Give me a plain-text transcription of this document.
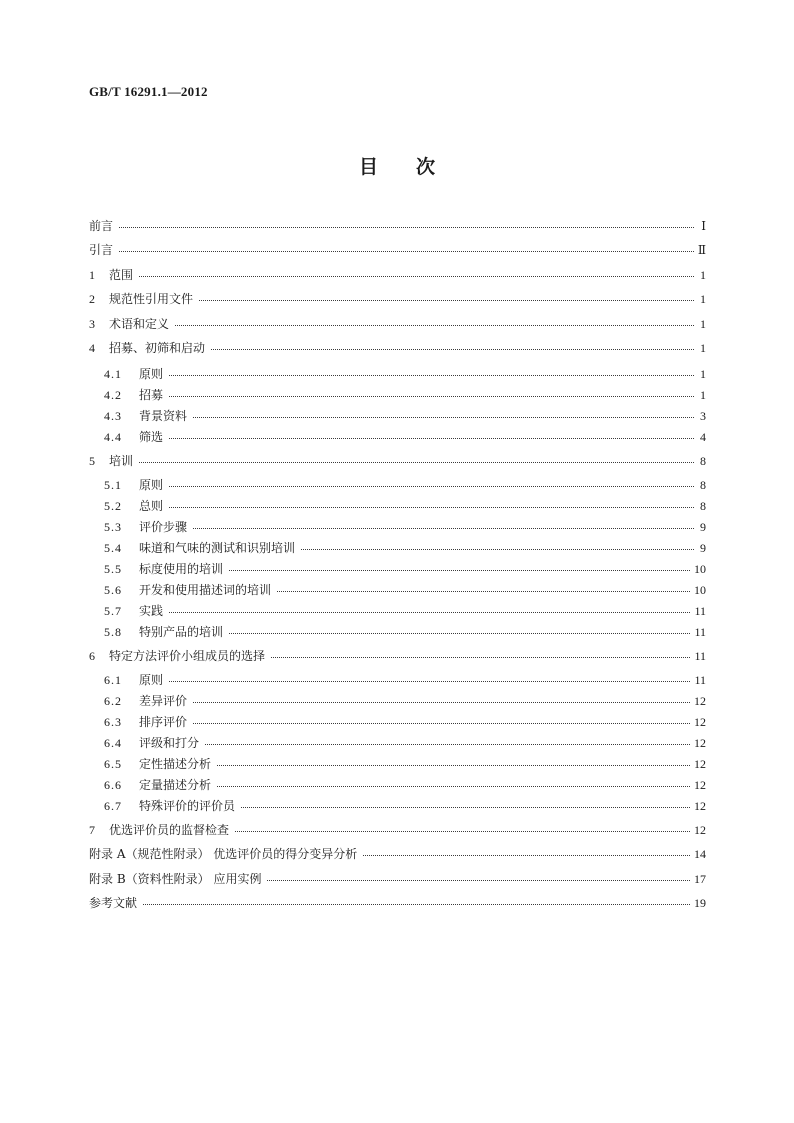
GB/T 16291.1—2012
目次
前言	Ⅰ
引言	Ⅱ
1	范围	1
2	规范性引用文件	1
3	术语和定义	1
4	招募、初筛和启动	1
4.1	原则	1
4.2	招募	1
4.3	背景资料	3
4.4	筛选	4
5	培训	8
5.1	原则	8
5.2	总则	8
5.3	评价步骤	9
5.4	味道和气味的测试和识别培训	9
5.5	标度使用的培训	10
5.6	开发和使用描述词的培训	10
5.7	实践	11
5.8	特别产品的培训	11
6	特定方法评价小组成员的选择	11
6.1	原则	11
6.2	差异评价	12
6.3	排序评价	12
6.4	评级和打分	12
6.5	定性描述分析	12
6.6	定量描述分析	12
6.7	特殊评价的评价员	12
7	优选评价员的监督检查	12
附录 A（规范性附录） 优选评价员的得分变异分析	14
附录 B（资料性附录） 应用实例	17
参考文献	19
